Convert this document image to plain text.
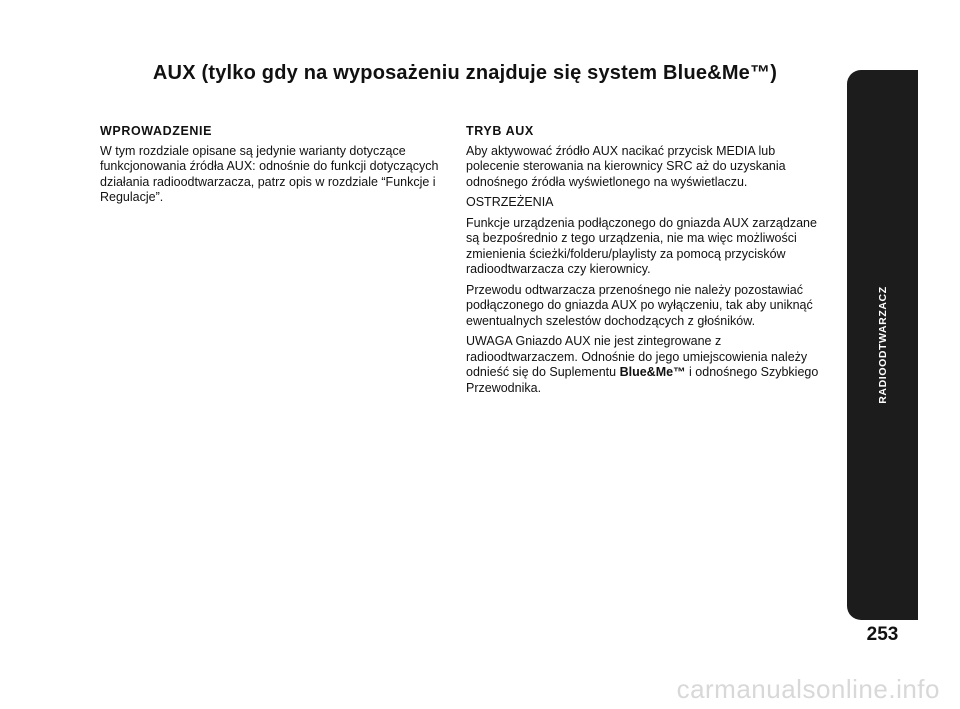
AUX (tylko gdy na wyposażeniu znajduje się system Blue&Me™)
WPROWADZENIE

W tym rozdziale opisane są jedynie warianty dotyczące funkcjonowania źródła AUX: odnośnie do funkcji dotyczących działania radioodtwarzacza, patrz opis w rozdziale “Funkcje i Regulacje”.

TRYB AUX

Aby aktywować źródło AUX nacikać przycisk MEDIA lub polecenie sterowania na kierownicy SRC aż do uzyskania odnośnego źródła wyświetlonego na wyświetlaczu.

OSTRZEŻENIA

Funkcje urządzenia podłączonego do gniazda AUX zarządzane są bezpośrednio z tego urządzenia, nie ma więc możliwości zmienienia ścieżki/folderu/playlisty za pomocą przycisków radioodtwarzacza czy kierownicy.

Przewodu odtwarzacza przenośnego nie należy pozostawiać podłączonego do gniazda AUX po wyłączeniu, tak aby uniknąć ewentualnych szelestów dochodzących z głośników.

UWAGA Gniazdo AUX nie jest zintegrowane z radioodtwarzaczem. Odnośnie do jego umiejscowienia należy odnieść się do Suplementu Blue&Me™ i odnośnego Szybkiego Przewodnika.	RADIOODTWARZACZ
253
carmanualsonline.info
